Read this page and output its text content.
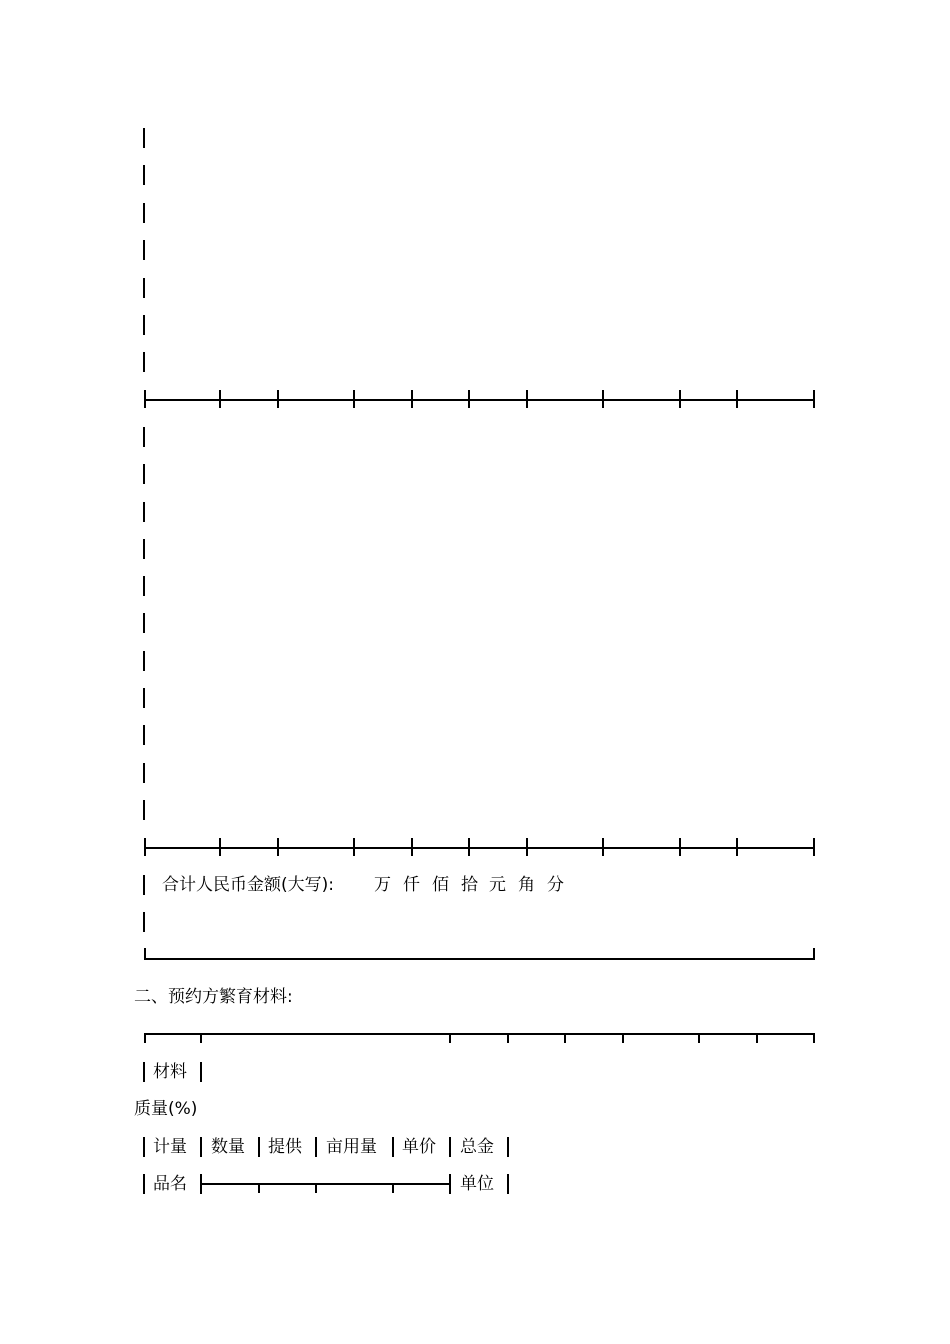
合计人民币金额(大写): 万 仟 佰 拾 元 角 分
二、预约方繁育材料:
材料
质量(%)
计量 数量 提供 亩用量 单价 总金
品名	单位
